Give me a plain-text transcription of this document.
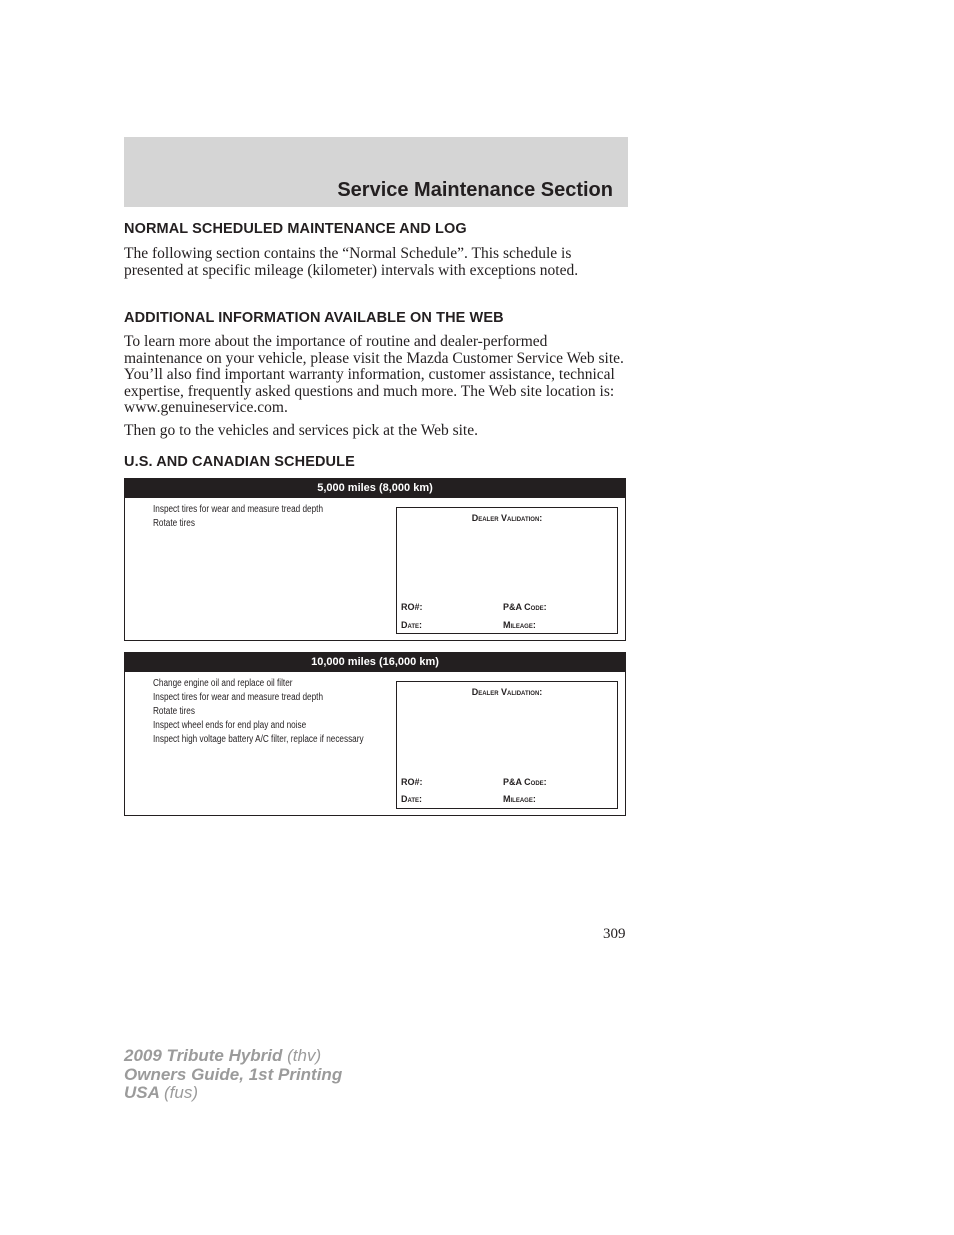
Service Maintenance Section
NORMAL SCHEDULED MAINTENANCE AND LOG

The following section contains the “Normal Schedule”. This schedule is presented at specific mileage (kilometer) intervals with exceptions noted.

ADDITIONAL INFORMATION AVAILABLE ON THE WEB

To learn more about the importance of routine and dealer-performed maintenance on your vehicle, please visit the Mazda Customer Service Web site. You’ll also find important warranty information, customer assistance, technical expertise, frequently asked questions and much more. The Web site location is: www.genuineservice.com.

Then go to the vehicles and services pick at the Web site.

U.S. AND CANADIAN SCHEDULE
5,000 miles (8,000 km)
Inspect tires for wear and measure tread depth
Rotate tires	Dealer Validation:
RO#:	P&A Code:
Date:	Mileage:
10,000 miles (16,000 km)
Change engine oil and replace oil filter
Inspect tires for wear and measure tread depth
Rotate tires
Inspect wheel ends for end play and noise
Inspect high voltage battery A/C filter, replace if necessary
Dealer Validation:
RO#:	P&A Code:
Date:	Mileage:
309
2009 Tribute Hybrid (thv)
Owners Guide, 1st Printing
USA (fus)
